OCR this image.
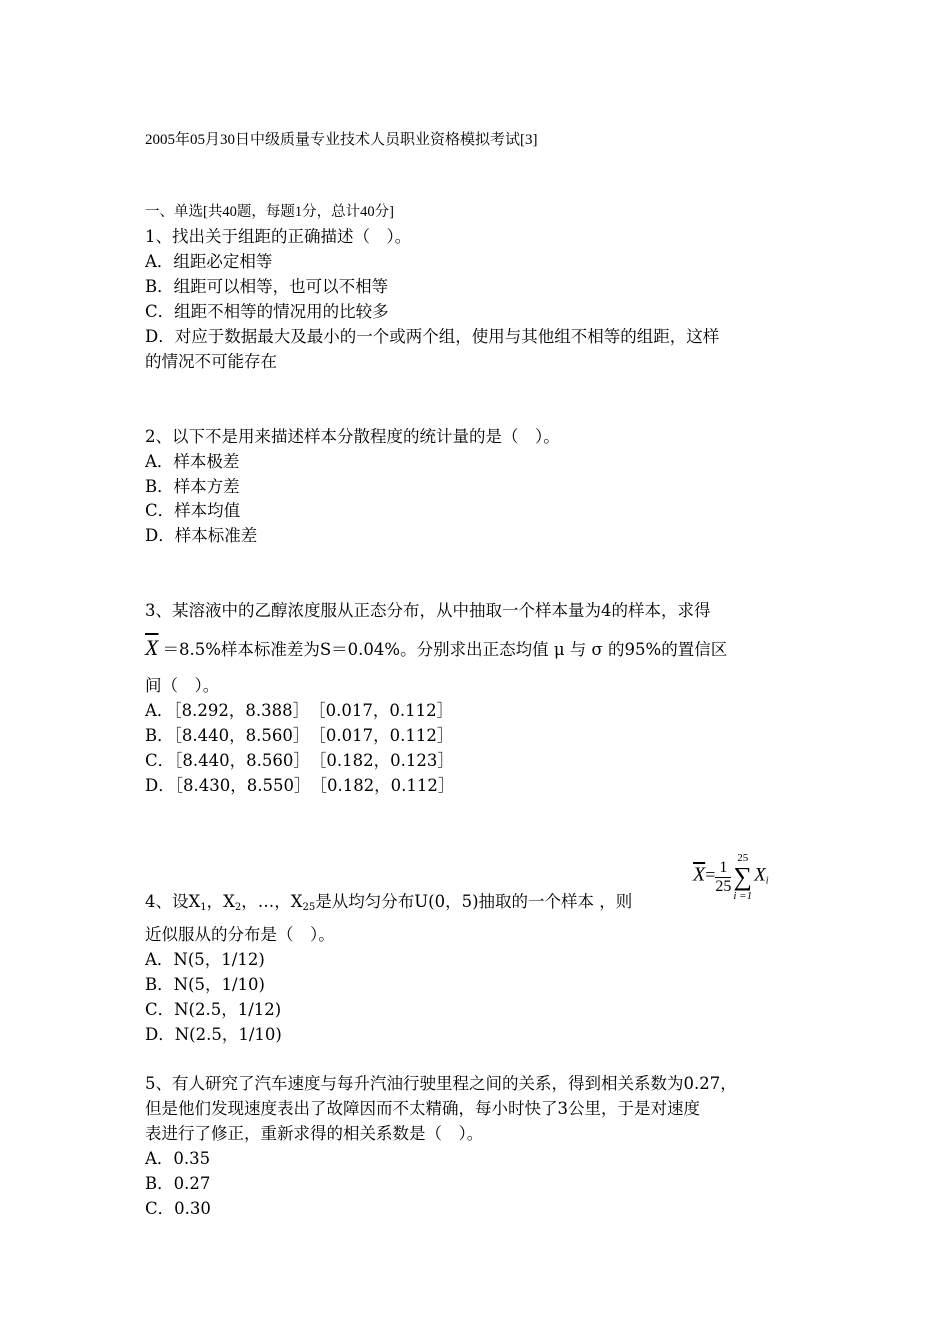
2005年05月30日中级质量专业技术人员职业资格模拟考试[3]
一、单选[共40题，每题1分，总计40分]
1、找出关于组距的正确描述（　）。
A．组距必定相等
B．组距可以相等，也可以不相等
C．组距不相等的情况用的比较多
D．对应于数据最大及最小的一个或两个组，使用与其他组不相等的组距，这样
的情况不可能存在
2、以下不是用来描述样本分散程度的统计量的是（　）。
A．样本极差
B．样本方差
C．样本均值
D．样本标准差
3、某溶液中的乙醇浓度服从正态分布，从中抽取一个样本量为4的样本，求得
$\overline{X} =8.5\%$样本标准差为S＝0.04%。分别求出正态均值 μ 与 σ 的95%的置信区
间（　）。
A．［8.292，8.388］　［0.017，0.112］
B．［8.440，8.560］　［0.017，0.112］
C．［8.440，8.560］　［0.182，0.123］
D．［8.430，8.550］　［0.182，0.112］
$\overline{X}= \frac{1}{25}$
25
∑
i =1
$X_i$
4、设$X_1$，$X_2$，…，$X_{25}$是从均匀分布U(0，5)抽取的一个样本 ，则
近似服从的分布是（　）。
A．N(5，1/12)
B．N(5，1/10)
C．N(2.5，1/12)
D．N(2.5，1/10)
5、有人研究了汽车速度与每升汽油行驶里程之间的关系，得到相关系数为0.27，
但是他们发现速度表出了故障因而不太精确，每小时快了3公里，于是对速度
表进行了修正，重新求得的相关系数是（　）。
A．0.35
B．0.27
C．0.30
